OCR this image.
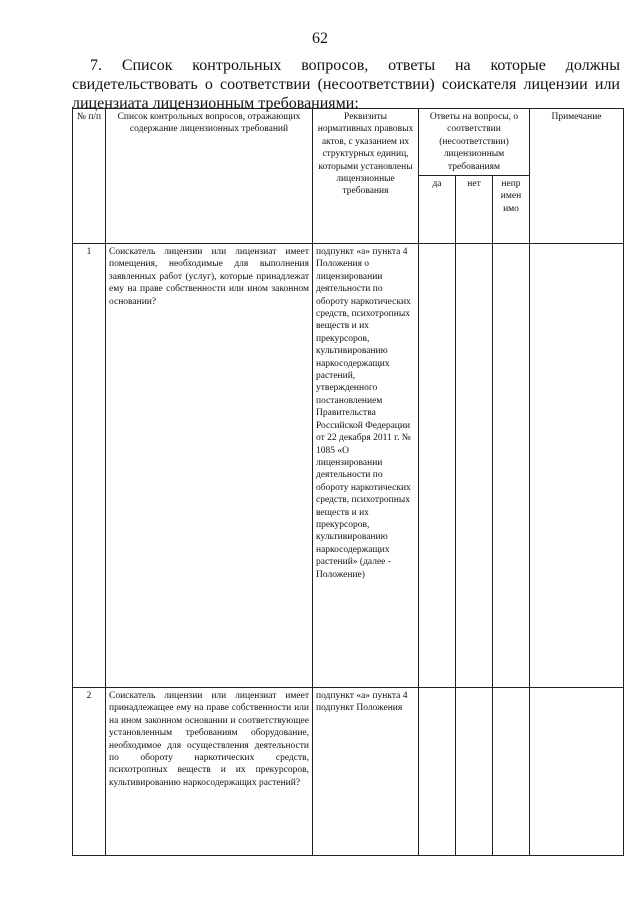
62
7. Список контрольных вопросов, ответы на которые должны
свидетельствовать о соответствии (несоответствии) соискателя лицензии или
лицензиата лицензионным требованиями:
№ п/п	Список контрольных вопросов, отражающих содержание лицензионных требований	Реквизиты нормативных правовых актов, с указанием их структурных единиц, которыми установлены лицензионные требования	Ответы на вопросы, о соответствии (несоответствии) лицензионным требованиям			Примечание
			да	нет	непр имен имо	
1	Соискатель лицензии или лицензиат имеет помещения, необходимые для выполнения заявленных работ (услуг), которые принадлежат ему на праве собственности или ином законном основании?	подпункт «а» пункта 4 Положения о лицензировании деятельности по обороту наркотических средств, психотропных веществ и их прекурсоров, культивированию наркосодержащих растений, утвержденного постановлением Правительства Российской Федерации от 22 декабря 2011 г. № 1085 «О лицензировании деятельности по обороту наркотических средств, психотропных веществ и их прекурсоров, культивированию наркосодержащих растений» (далее - Положение)				
2	Соискатель лицензии или лицензиат имеет принадлежащее ему на праве собственности или на ином законном основании и соответствующее установленным требованиям оборудование, необходимое для осуществления деятельности по обороту наркотических средств, психотропных веществ и их прекурсоров, культивированию наркосодержащих растений?	подпункт «а» пункта 4 подпункт Положения				
